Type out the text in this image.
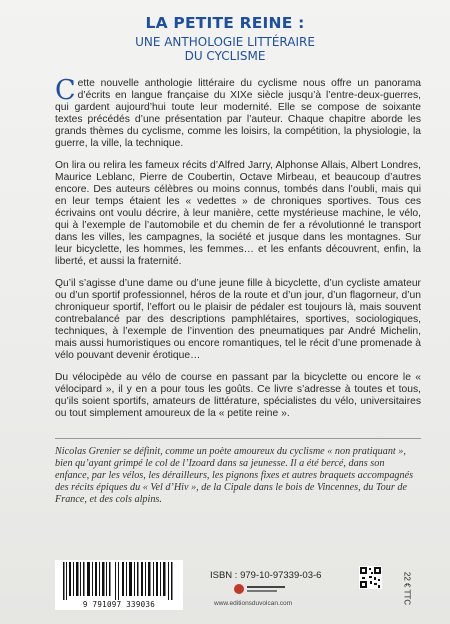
LA PETITE REINE :
UNE ANTHOLOGIE LITTÉRAIRE
DU CYCLISME

Cette nouvelle anthologie littéraire du cyclisme nous offre un panorama d’écrits en langue française du XIXe siècle jusqu’à l’entre-deux-guerres, qui gardent aujourd’hui toute leur modernité. Elle se compose de soixante textes précédés d’une présentation par l’auteur. Chaque chapitre aborde les grands thèmes du cyclisme, comme les loisirs, la compétition, la physiologie, la guerre, la ville, la technique.

On lira ou relira les fameux récits d’Alfred Jarry, Alphonse Allais, Albert Londres, Maurice Leblanc, Pierre de Coubertin, Octave Mirbeau, et beaucoup d’autres encore. Des auteurs célèbres ou moins connus, tombés dans l’oubli, mais qui en leur temps étaient les « vedettes » de chroniques sportives. Tous ces écrivains ont voulu décrire, à leur manière, cette mystérieuse machine, le vélo, qui à l’exemple de l’automobile et du chemin de fer a révolutionné le transport dans les villes, les campagnes, la société et jusque dans les montagnes. Sur leur bicyclette, les hommes, les femmes… et les enfants découvrent, enfin, la liberté, et aussi la fraternité.

Qu’il s’agisse d’une dame ou d’une jeune fille à bicyclette, d’un cycliste amateur ou d’un sportif professionnel, héros de la route et d’un jour, d’un flagorneur, d’un chroniqueur sportif, l’effort ou le plaisir de pédaler est toujours là, mais souvent contrebalancé par des descriptions pamphlétaires, sportives, sociologiques, techniques, à l’exemple de l’invention des pneumatiques par André Michelin, mais aussi humoristiques ou encore romantiques, tel le récit d’une promenade à vélo pouvant devenir érotique…

Du vélocipède au vélo de course en passant par la bicyclette ou encore le « vélocipard », il y en a pour tous les goûts. Ce livre s’adresse à toutes et tous, qu’ils soient sportifs, amateurs de littérature, spécialistes du vélo, universitaires ou tout simplement amoureux de la « petite reine ».

Nicolas Grenier se définit, comme un poète amoureux du cyclisme « non pratiquant », bien qu’ayant grimpé le col de l’Izoard dans sa jeunesse. Il a été bercé, dans son enfance, par les vélos, les dérailleurs, les pignons fixes et autres braquets accompagnés des récits épiques du « Vel d’Hiv », de la Cipale dans le bois de Vincennes, du Tour de France, et des cols alpins.
9 791097 339036
ISBN : 979-10-97339-03-6
www.editionsduvolcan.com	22 € TTC
